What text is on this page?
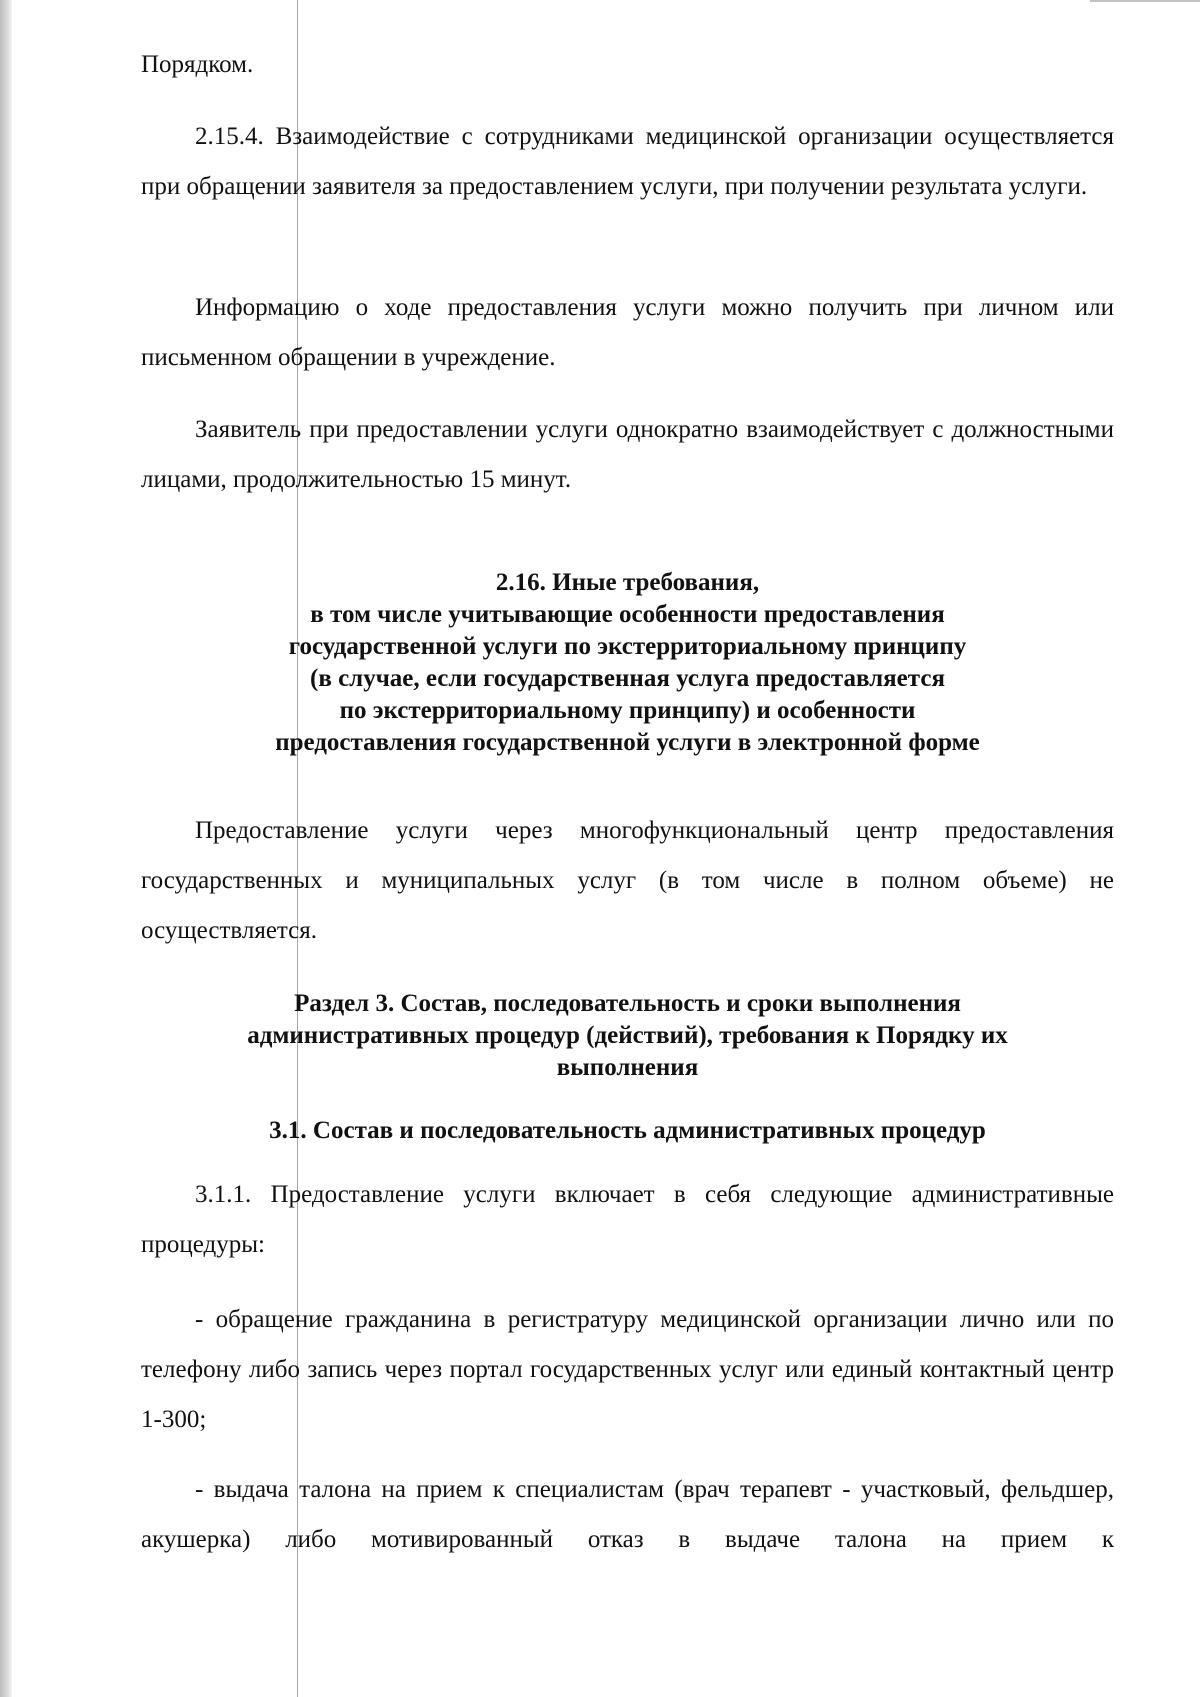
Порядком.

2.15.4. Взаимодействие с сотрудниками медицинской организации осуществляется при обращении заявителя за предоставлением услуги, при получении результата услуги.

Информацию о ходе предоставления услуги можно получить при личном или письменном обращении в учреждение.

Заявитель при предоставлении услуги однократно взаимодействует с должностными лицами, продолжительностью 15 минут.

2.16. Иные требования,
в том числе учитывающие особенности предоставления
государственной услуги по экстерриториальному принципу
(в случае, если государственная услуга предоставляется
по экстерриториальному принципу) и особенности
предоставления государственной услуги в электронной форме

Предоставление услуги через многофункциональный центр предоставления государственных и муниципальных услуг (в том числе в полном объеме) не осуществляется.

Раздел 3. Состав, последовательность и сроки выполнения
административных процедур (действий), требования к Порядку их
выполнения
3.1. Состав и последовательность административных процедур

3.1.1. Предоставление услуги включает в себя следующие административные процедуры:

- обращение гражданина в регистратуру медицинской организации лично или по телефону либо запись через портал государственных услуг или единый контактный центр 1-300;

- выдача талона на прием к специалистам (врач терапевт - участковый, фельдшер, акушерка) либо мотивированный отказ в выдаче талона на прием к
